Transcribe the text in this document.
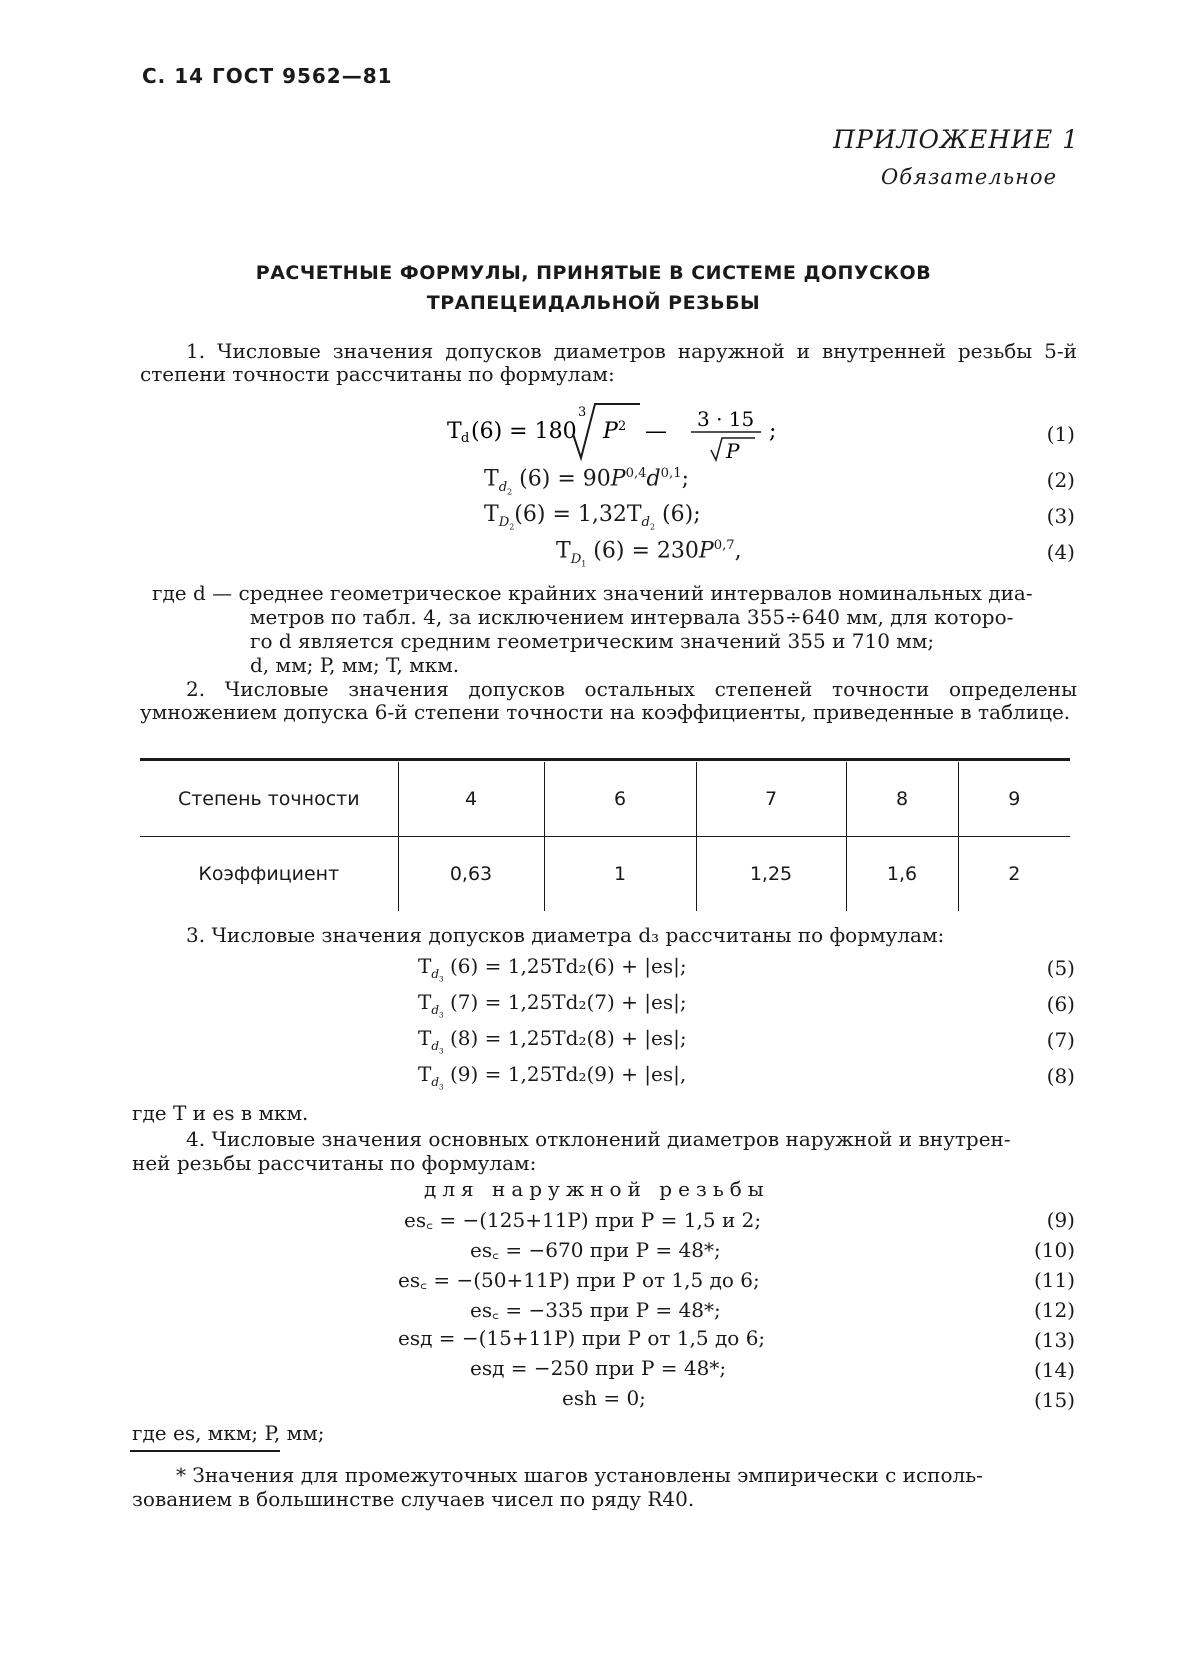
С. 14 ГОСТ 9562—81
ПРИЛОЖЕНИЕ 1
Обязательное
РАСЧЕТНЫЕ ФОРМУЛЫ, ПРИНЯТЫЕ В СИСТЕМЕ ДОПУСКОВ
ТРАПЕЦЕИДАЛЬНОЙ РЕЗЬБЫ
1. Числовые значения допусков диаметров наружной и внутренней резьбы 5-й степени точности рассчитаны по формулам:
T d (6) = 180
3
P 2 — 3 · 15
P
;	(1)
$T_{d_2}$ $(6) = 90P^{0,4}d^{0,1}$;	(2)
$T_{D_2}(6) = 1,32T_{d_2}$ (6);	(3)
$T_{D_1}$ $(6) = 230P^{0,7}$,	(4)
где d — среднее геометрическое крайних значений интервалов номинальных диа-
метров по табл. 4, за исключением интервала 355÷640 мм, для которо-
го d является средним геометрическим значений 355 и 710 мм;
d, мм; P, мм; T, мкм.
2. Числовые значения допусков остальных степеней точности определены умножением допуска 6-й степени точности на коэффициенты, приведенные в таблице.
Степень точности	4	6	7	8	9
Коэффициент	0,63	1	1,25	1,6	2
3. Числовые значения допусков диаметра d₃ рассчитаны по формулам:
$T_{d_3}$ (6) = 1,25Td₂(6) + |es|;	(5)
$T_{d_3}$ (7) = 1,25Td₂(7) + |es|;	(6)
$T_{d_3}$ (8) = 1,25Td₂(8) + |es|;	(7)
$T_{d_3}$ (9) = 1,25Td₂(9) + |es|,	(8)
где T и es в мкм.
4. Числовые значения основных отклонений диаметров наружной и внутрен-
ней резьбы рассчитаны по формулам:
для наружной резьбы
es꜀ = −(125+11P) при P = 1,5 и 2;	(9)
es꜀ = −670 при P = 48*;	(10)
es꜀ = −(50+11P) при P от 1,5 до 6;	(11)
es꜀ = −335 при P = 48*;	(12)
esд = −(15+11P) при P от 1,5 до 6;	(13)
esд = −250 при P = 48*;	(14)
esh = 0;	(15)
где es, мкм; P, мм;
* Значения для промежуточных шагов установлены эмпирически с исполь-
зованием в большинстве случаев чисел по ряду R40.
